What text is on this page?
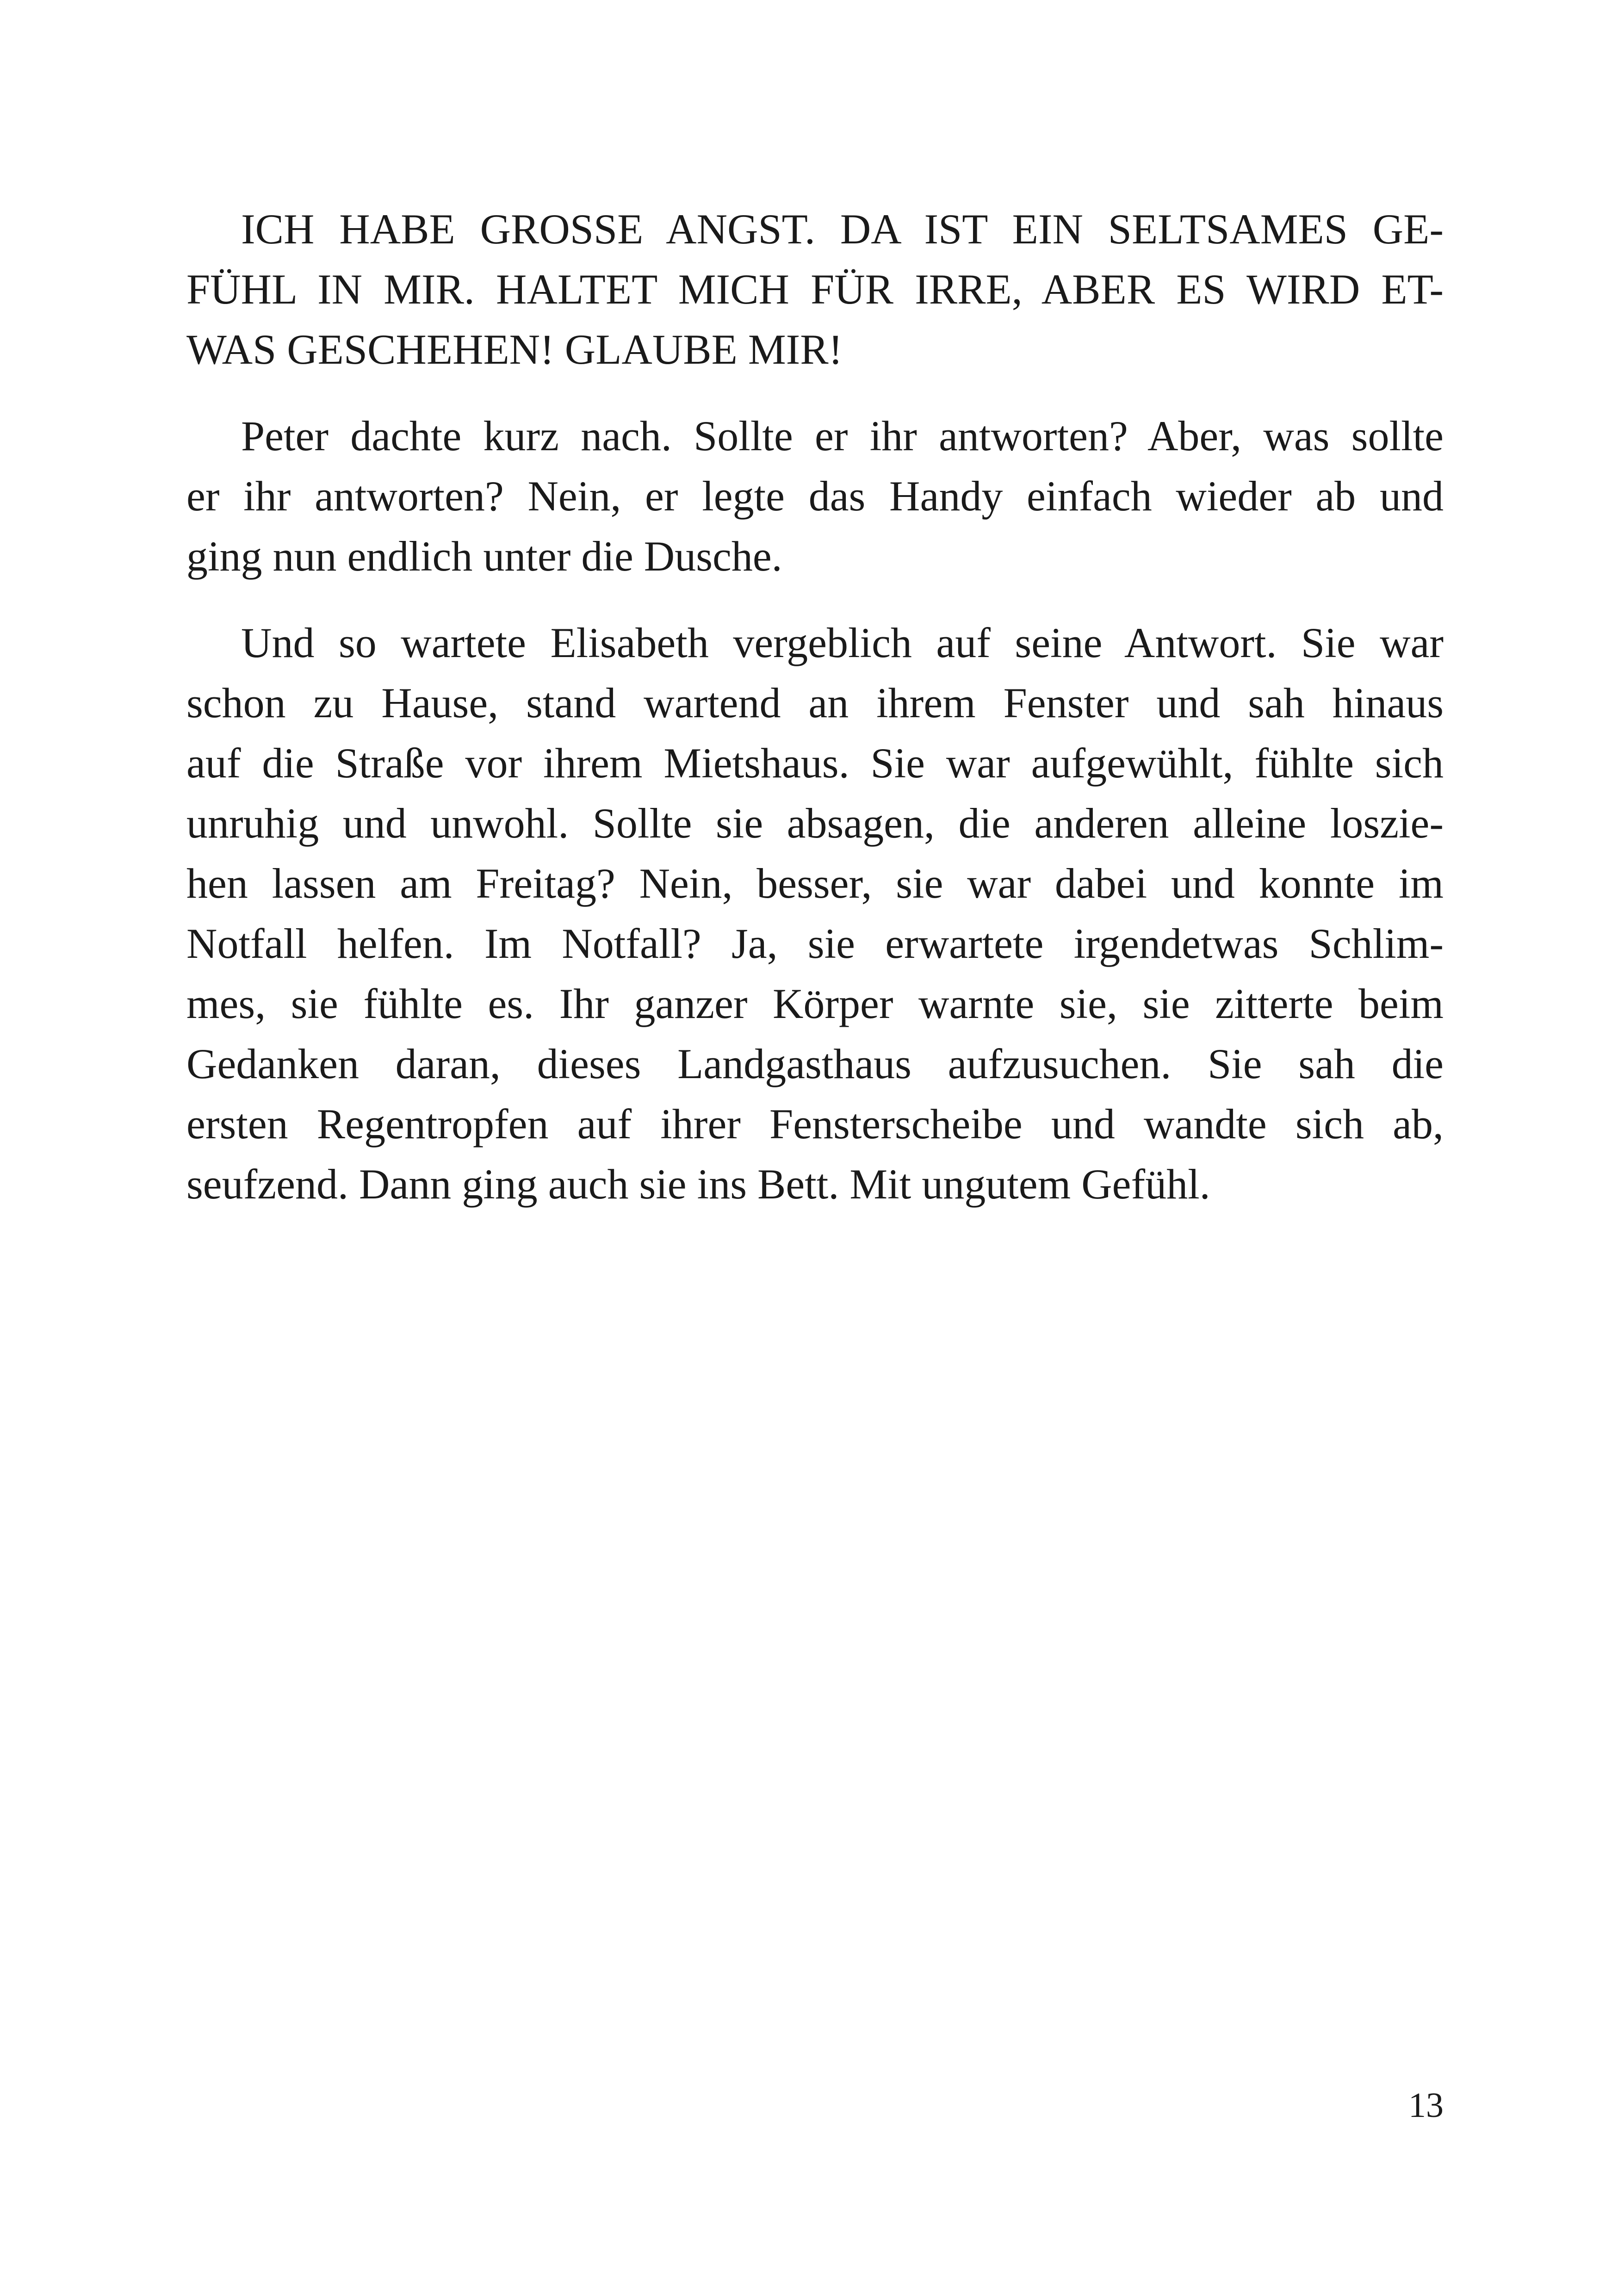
ICH HABE GROSSE ANGST. DA IST EIN SELTSAMES GE-
FÜHL IN MIR. HALTET MICH FÜR IRRE, ABER ES WIRD ET-
WAS GESCHEHEN! GLAUBE MIR!
Peter dachte kurz nach. Sollte er ihr antworten? Aber, was sollte
er ihr antworten? Nein, er legte das Handy einfach wieder ab und
ging nun endlich unter die Dusche.
Und so wartete Elisabeth vergeblich auf seine Antwort. Sie war
schon zu Hause, stand wartend an ihrem Fenster und sah hinaus
auf die Straße vor ihrem Mietshaus. Sie war aufgewühlt, fühlte sich
unruhig und unwohl. Sollte sie absagen, die anderen alleine loszie-
hen lassen am Freitag? Nein, besser, sie war dabei und konnte im
Notfall helfen. Im Notfall? Ja, sie erwartete irgendetwas Schlim-
mes, sie fühlte es. Ihr ganzer Körper warnte sie, sie zitterte beim
Gedanken daran, dieses Landgasthaus aufzusuchen. Sie sah die
ersten Regentropfen auf ihrer Fensterscheibe und wandte sich ab,
seufzend. Dann ging auch sie ins Bett. Mit ungutem Gefühl.
13
